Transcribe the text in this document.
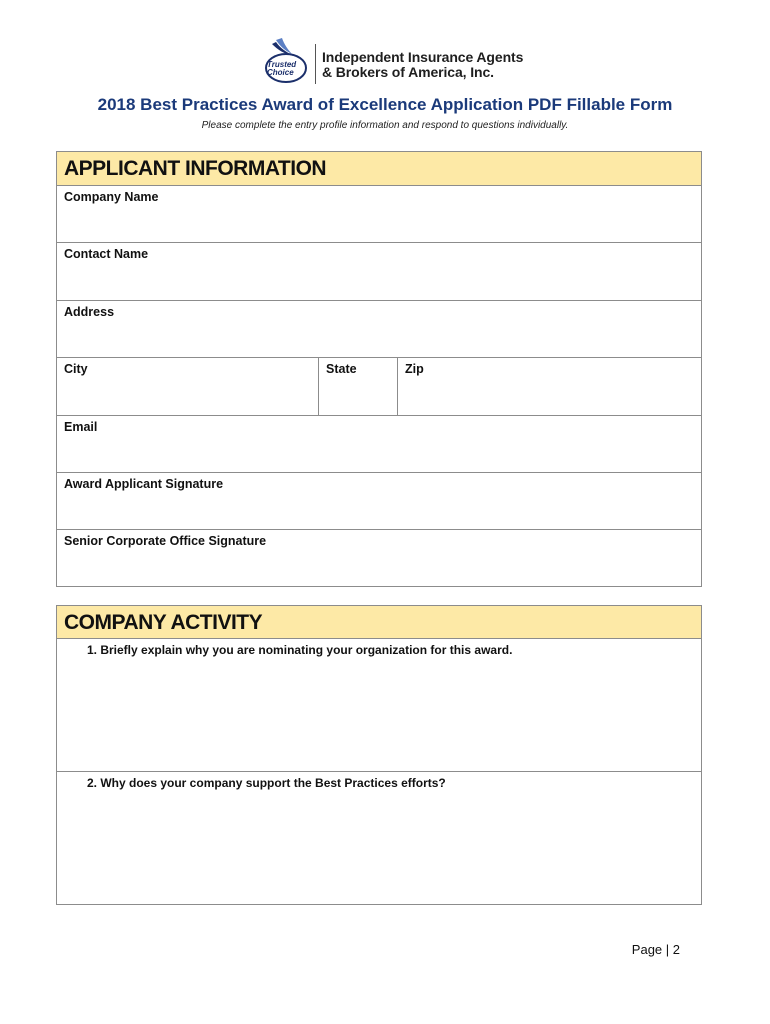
Trusted
Choice
Independent Insurance Agents
& Brokers of America, Inc.
2018 Best Practices Award of Excellence Application PDF Fillable Form
Please complete the entry profile information and respond to questions individually.
APPLICANT INFORMATION
Company Name
Contact Name
Address
City	State	Zip
Email
Award Applicant Signature
Senior Corporate Office Signature
COMPANY ACTIVITY
1. Briefly explain why you are nominating your organization for this award.
2. Why does your company support the Best Practices efforts?
Page | 2
